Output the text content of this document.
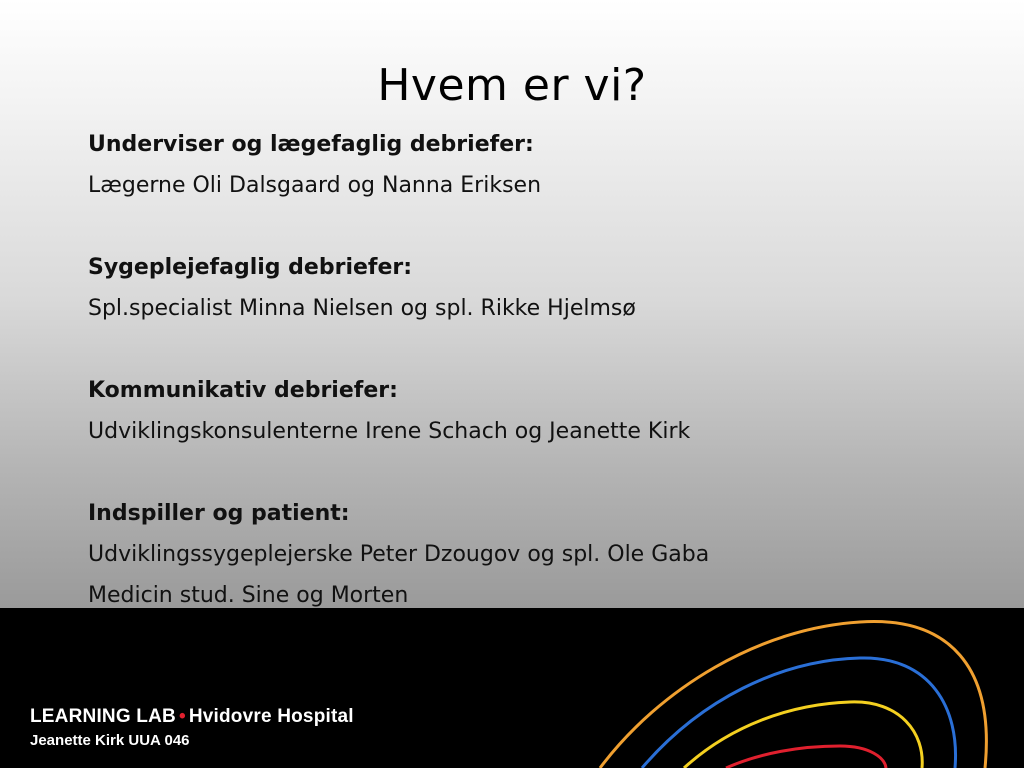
Hvem er vi?
Underviser og lægefaglig debriefer:
Lægerne Oli Dalsgaard og Nanna Eriksen
Sygeplejefaglig debriefer:
Spl.specialist Minna Nielsen og spl. Rikke Hjelmsø
Kommunikativ debriefer:
Udviklingskonsulenterne Irene Schach og Jeanette Kirk
Indspiller og patient:
Udviklingssygeplejerske Peter Dzougov og spl. Ole Gaba
Medicin stud. Sine og Morten
LEARNING LAB • Hvidovre Hospital
Jeanette Kirk UUA 046
